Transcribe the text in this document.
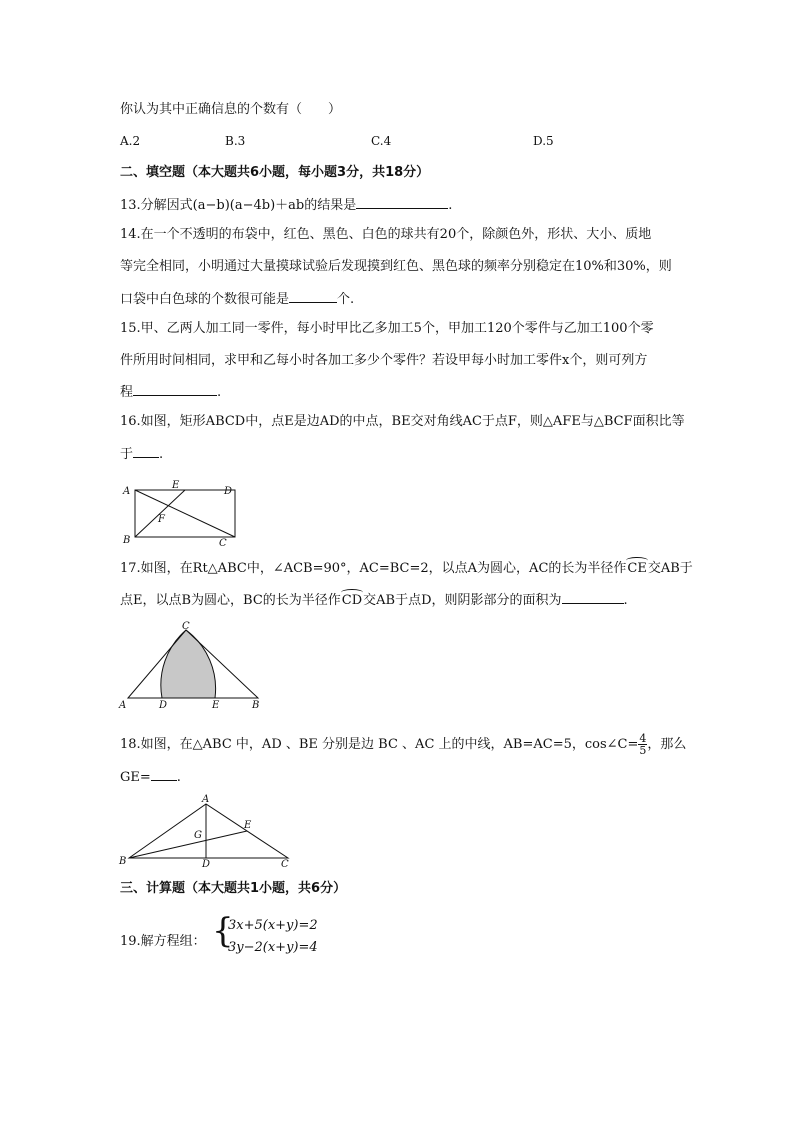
你认为其中正确信息的个数有（　　）
A.2	B.3	C.4	D.5
二、填空题（本大题共6小题，每小题3分，共18分）
13.分解因式(a−b)(a−4b)＋ab的结果是	.
14.在一个不透明的布袋中，红色、黑色、白色的球共有20个，除颜色外，形状、大小、质地
等完全相同，小明通过大量摸球试验后发现摸到红色、黑色球的频率分别稳定在10%和30%，则
口袋中白色球的个数很可能是	个.
15.甲、乙两人加工同一零件，每小时甲比乙多加工5个，甲加工120个零件与乙加工100个零
件所用时间相同，求甲和乙每小时各加工多少个零件？若设甲每小时加工零件x个，则可列方
程	.
16.如图，矩形ABCD中，点E是边AD的中点，BE交对角线AC于点F，则△AFE与△BCF面积比等
于 .
A
E
D
F
B	C
17.如图，在Rt△ABC中，∠ACB=90°，AC=BC=2，以点A为圆心，AC的长为半径作CE交AB于
点E，以点B为圆心，BC的长为半径作CD交AB于点D，则阴影部分的面积为	.
C
A	D	E	B
18.如图，在△ABC 中，AD 、BE 分别是边 BC 、AC 上的中线，AB=AC=5，cos∠C= $\frac{4}{5}$ ，那么
GE= .
A
E
G
B	D	C
三、计算题（本大题共1小题，共6分）
19.解方程组： {
3x+5(x+y)=2
3y−2(x+y)=4
